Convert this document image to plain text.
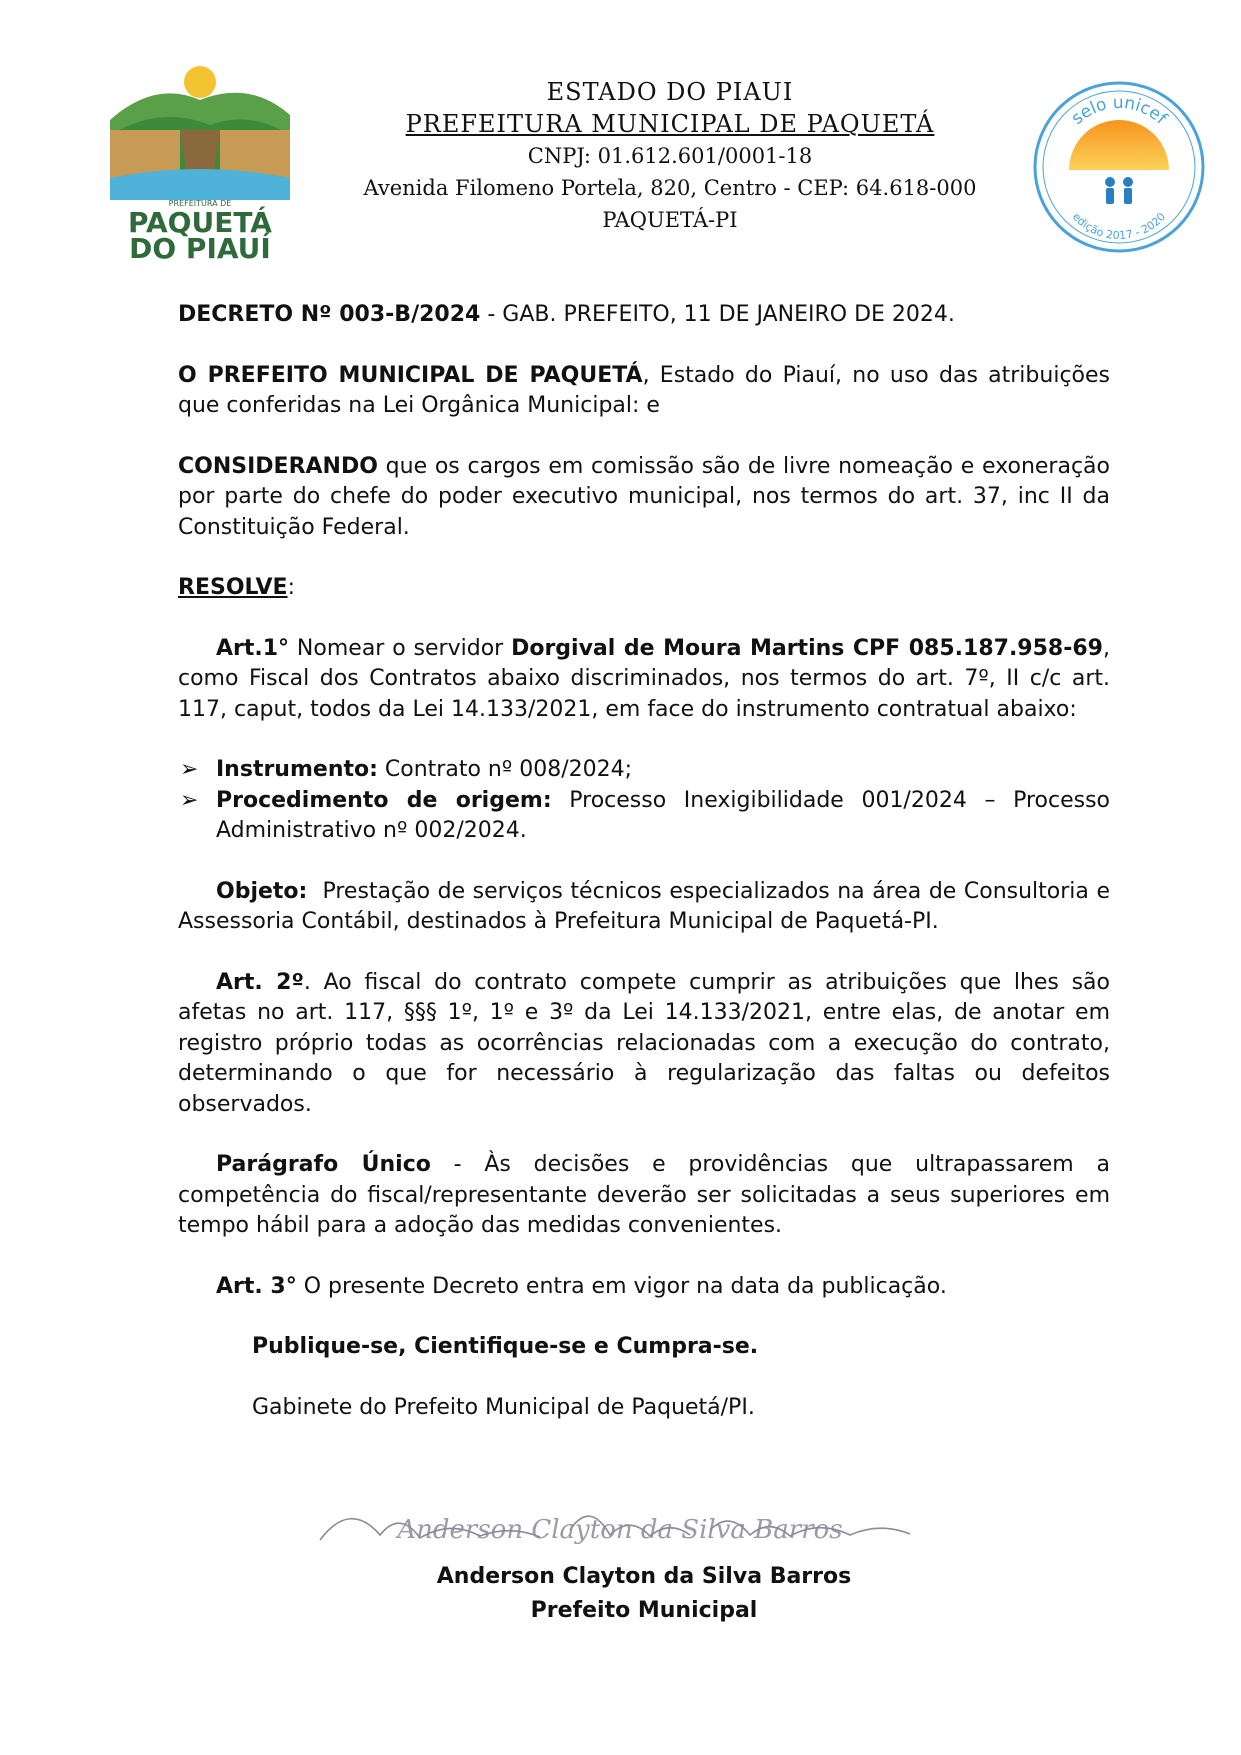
PREFEITURA DE
PAQUETÁ
DO PIAUÍ
ESTADO DO PIAUI
PREFEITURA MUNICIPAL DE PAQUETÁ
CNPJ: 01.612.601/0001-18
Avenida Filomeno Portela, 820, Centro - CEP: 64.618-000
PAQUETÁ-PI
selo unicef
edição 2017 - 2020

DECRETO Nº 003-B/2024 - GAB. PREFEITO, 11 DE JANEIRO DE 2024.

O PREFEITO MUNICIPAL DE PAQUETÁ, Estado do Piauí, no uso das atribuições que conferidas na Lei Orgânica Municipal: e

CONSIDERANDO que os cargos em comissão são de livre nomeação e exoneração por parte do chefe do poder executivo municipal, nos termos do art. 37, inc II da Constituição Federal.

RESOLVE:

Art.1° Nomear o servidor Dorgival de Moura Martins CPF 085.187.958-69, como Fiscal dos Contratos abaixo discriminados, nos termos do art. 7º, II c/c art. 117, caput, todos da Lei 14.133/2021, em face do instrumento contratual abaixo:

➢ Instrumento: Contrato nº 008/2024;
➢ Procedimento de origem: Processo Inexigibilidade 001/2024 – Processo Administrativo nº 002/2024.

Objeto:  Prestação de serviços técnicos especializados na área de Consultoria e Assessoria Contábil, destinados à Prefeitura Municipal de Paquetá-PI.

Art. 2º. Ao fiscal do contrato compete cumprir as atribuições que lhes são afetas no art. 117, §§§ 1º, 1º e 3º da Lei 14.133/2021, entre elas, de anotar em registro próprio todas as ocorrências relacionadas com a execução do contrato, determinando o que for necessário à regularização das faltas ou defeitos observados.

Parágrafo Único - Às decisões e providências que ultrapassarem a competência do fiscal/representante deverão ser solicitadas a seus superiores em tempo hábil para a adoção das medidas convenientes.

Art. 3° O presente Decreto entra em vigor na data da publicação.

Publique-se, Cientifique-se e Cumpra-se.

Gabinete do Prefeito Municipal de Paquetá/PI.

Anderson Clayton da Silva Barros
Anderson Clayton da Silva Barros
Prefeito Municipal
